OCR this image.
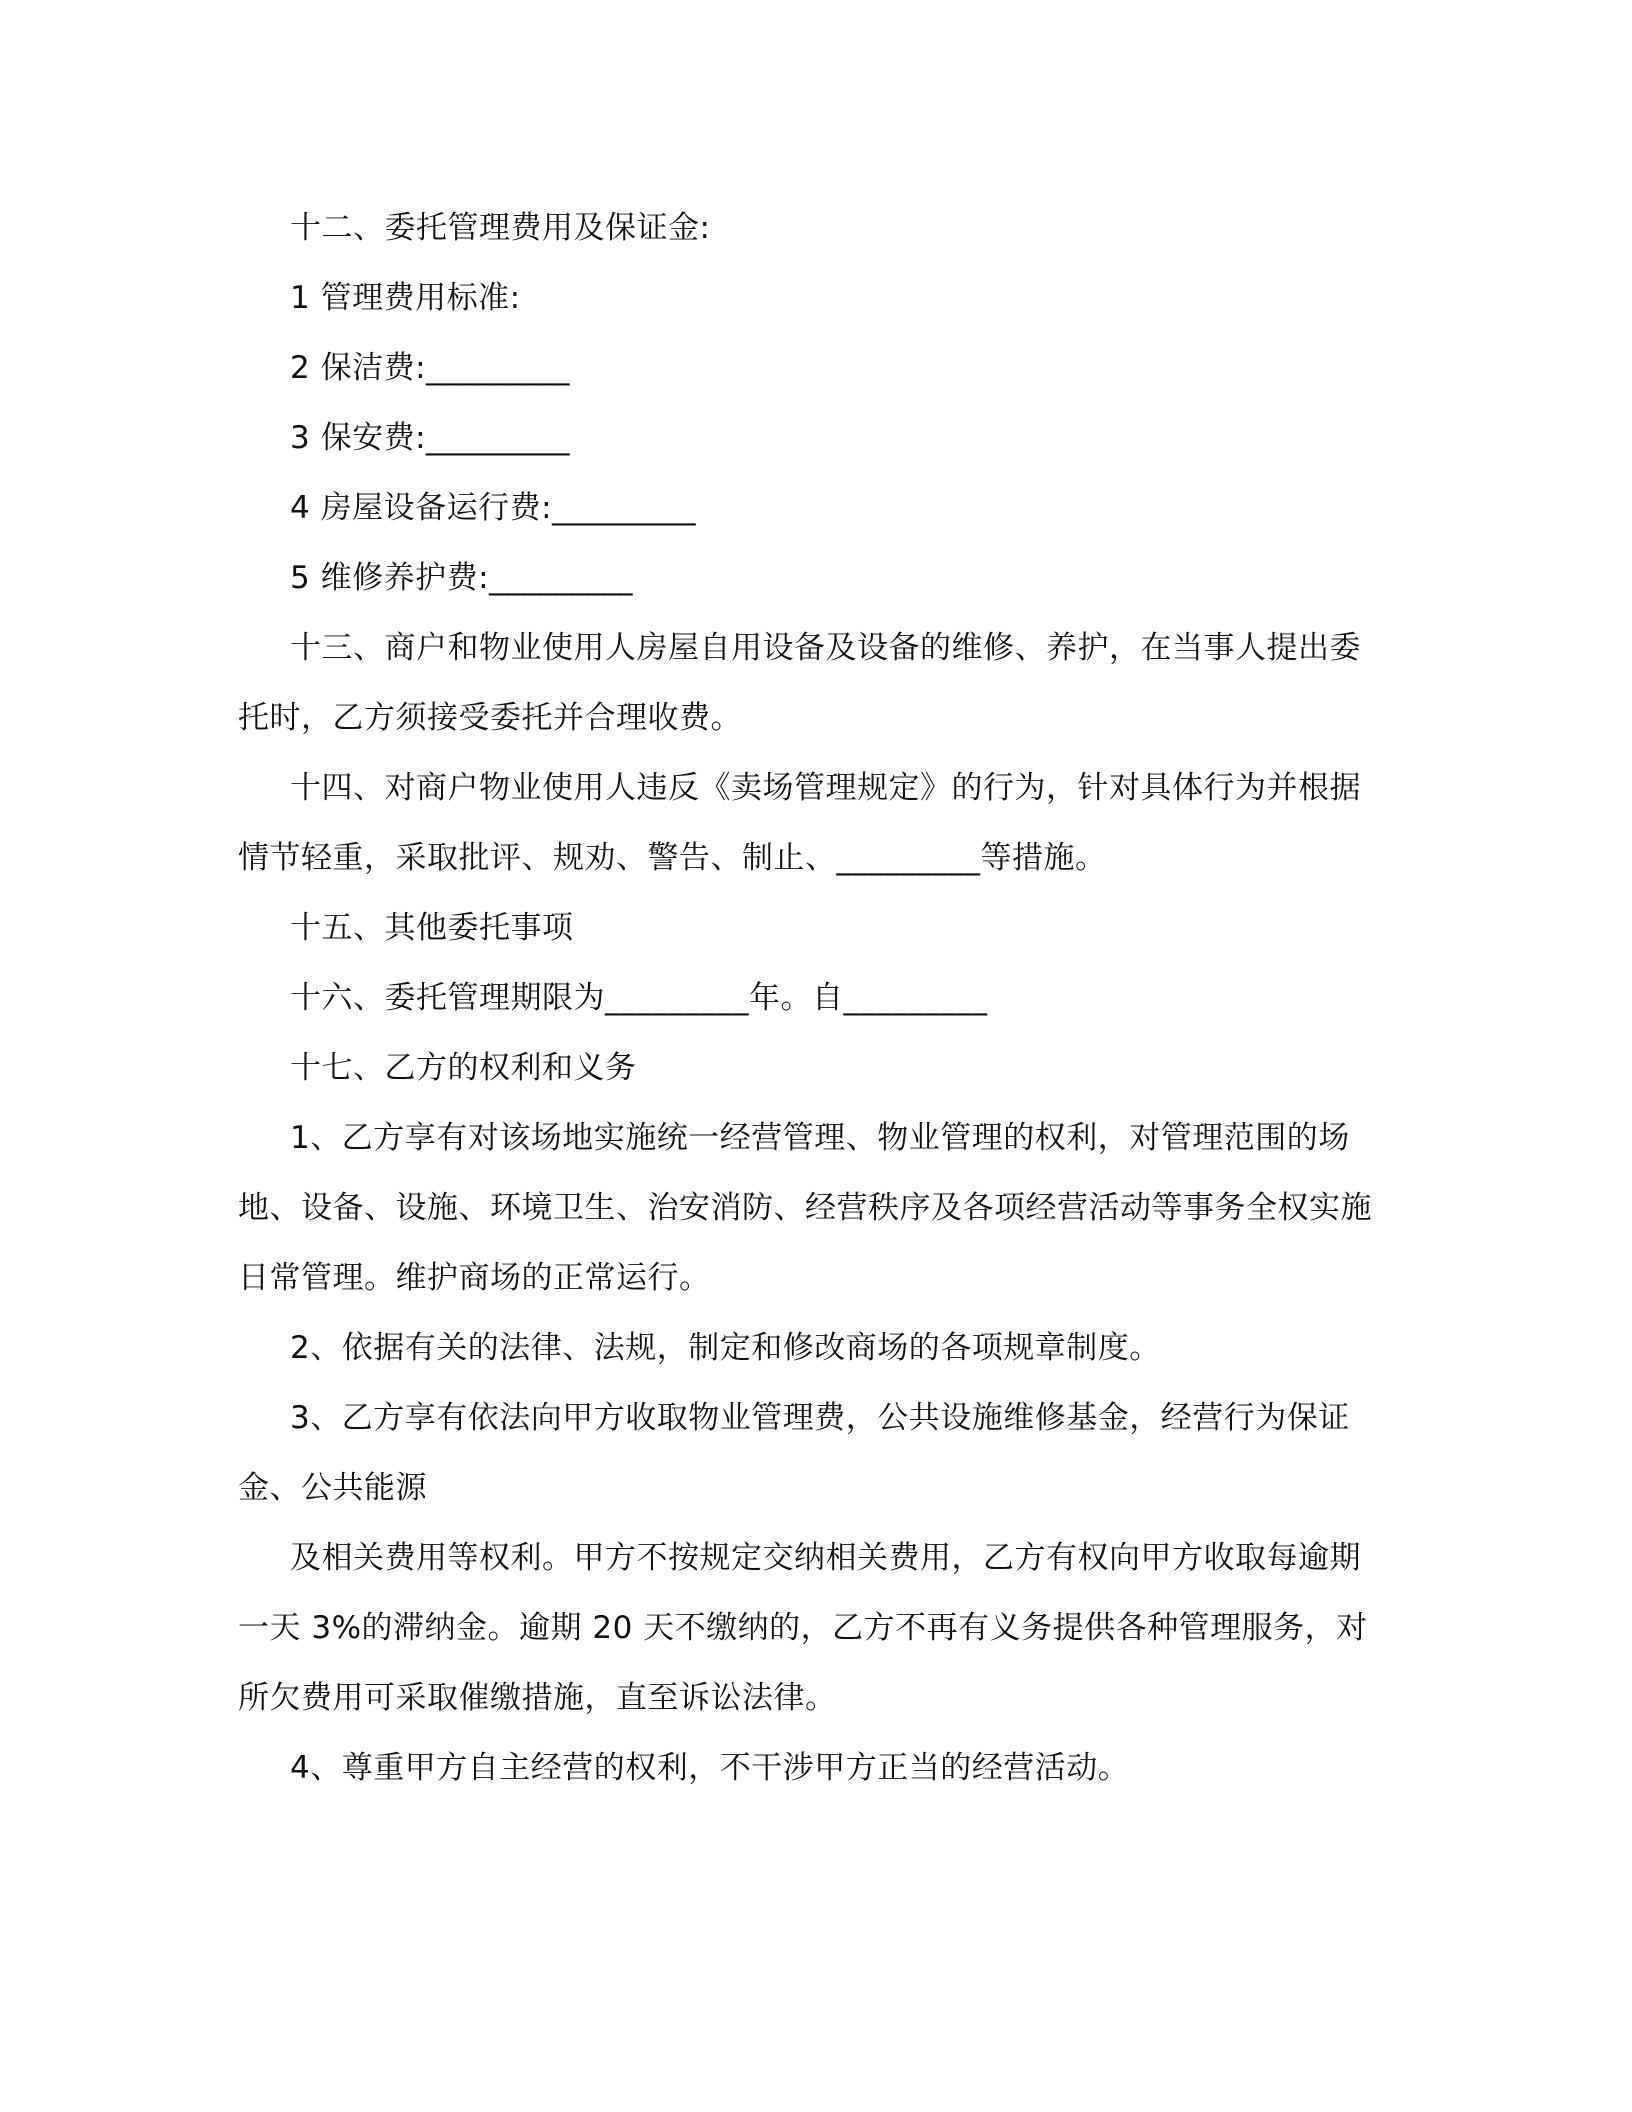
十二、委托管理费用及保证金:

1 管理费用标准:

2 保洁费:_________

3 保安费:_________

4 房屋设备运行费:_________

5 维修养护费:_________

十三、商户和物业使用人房屋自用设备及设备的维修、养护，在当事人提出委托时，乙方须接受委托并合理收费。

十四、对商户物业使用人违反《卖场管理规定》的行为，针对具体行为并根据情节轻重，采取批评、规劝、警告、制止、_________等措施。

十五、其他委托事项

十六、委托管理期限为_________年。自_________

十七、乙方的权利和义务

1、乙方享有对该场地实施统一经营管理、物业管理的权利，对管理范围的场地、设备、设施、环境卫生、治安消防、经营秩序及各项经营活动等事务全权实施日常管理。维护商场的正常运行。

2、依据有关的法律、法规，制定和修改商场的各项规章制度。

3、乙方享有依法向甲方收取物业管理费，公共设施维修基金，经营行为保证金、公共能源

及相关费用等权利。甲方不按规定交纳相关费用，乙方有权向甲方收取每逾期一天 3%的滞纳金。逾期 20 天不缴纳的，乙方不再有义务提供各种管理服务，对所欠费用可采取催缴措施，直至诉讼法律。

4、尊重甲方自主经营的权利，不干涉甲方正当的经营活动。
